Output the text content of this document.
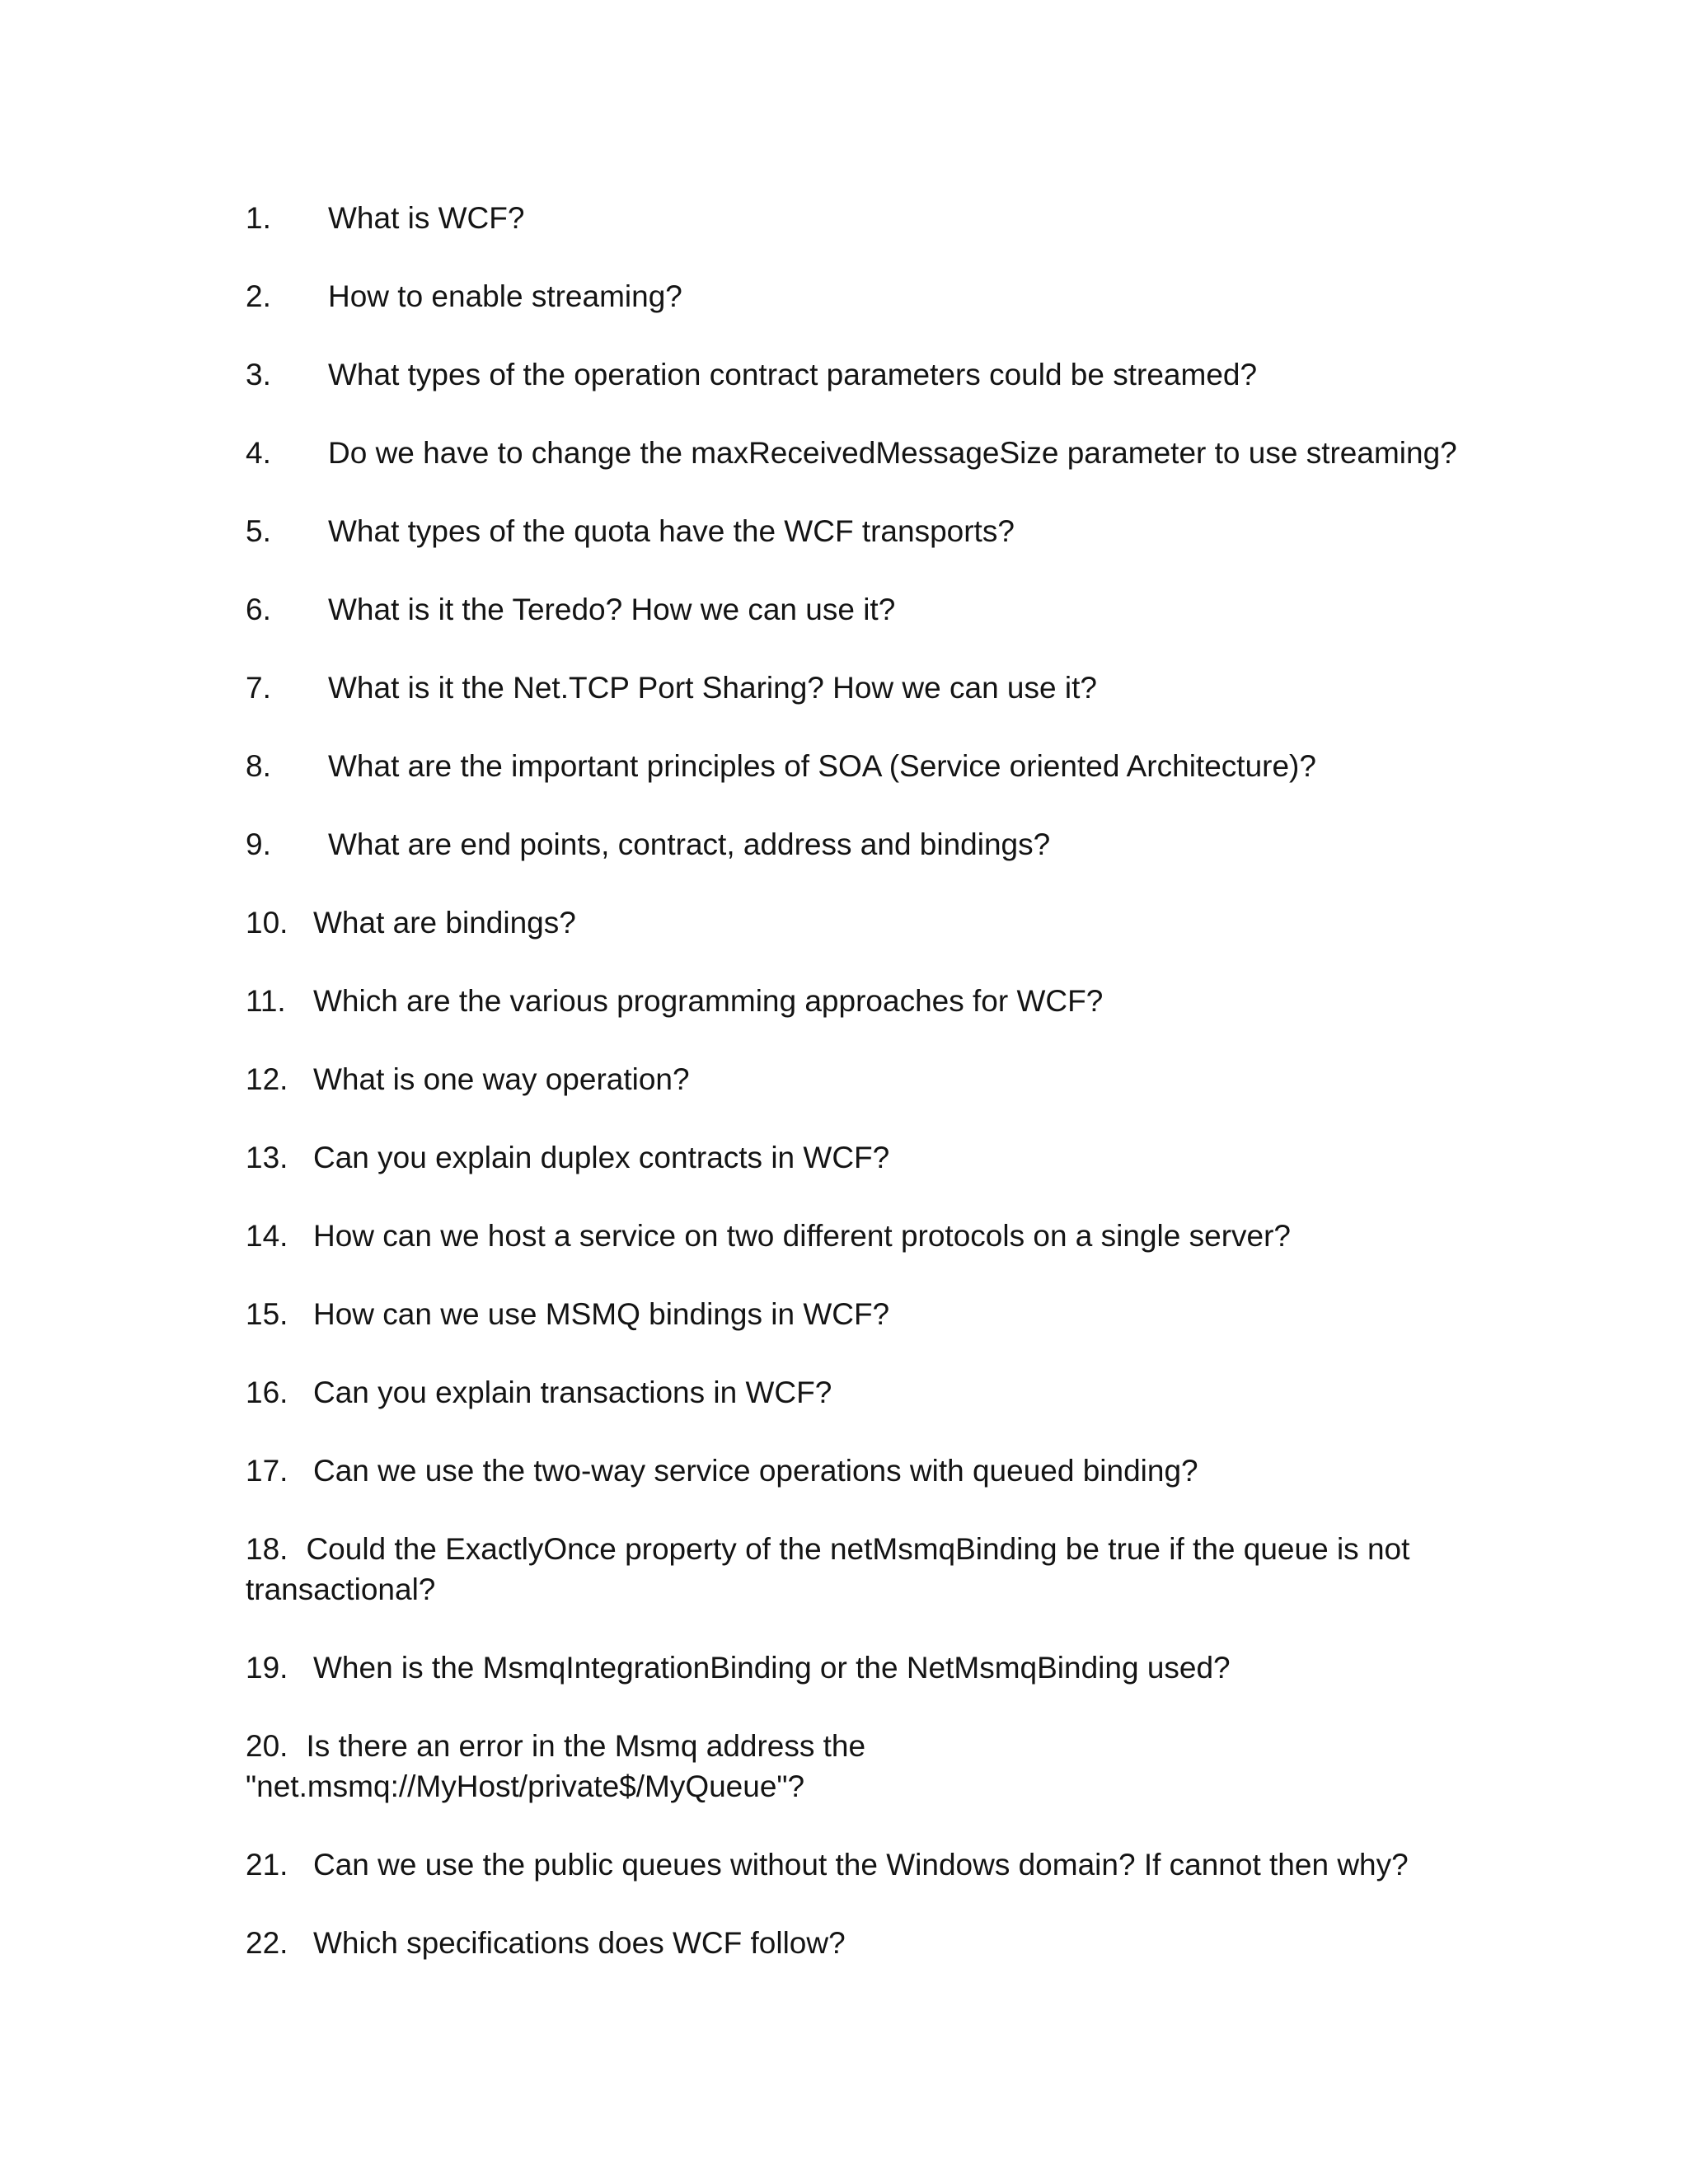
1. What is WCF?
2. How to enable streaming?
3. What types of the operation contract parameters could be streamed?
4. Do we have to change the maxReceivedMessageSize parameter to use streaming?
5. What types of the quota have the WCF transports?
6. What is it the Teredo? How we can use it?
7. What is it the Net.TCP Port Sharing? How we can use it?
8. What are the important principles of SOA (Service oriented Architecture)?
9. What are end points, contract, address and bindings?
10. What are bindings?
11. Which are the various programming approaches for WCF?
12. What is one way operation?
13. Can you explain duplex contracts in WCF?
14. How can we host a service on two different protocols on a single server?
15. How can we use MSMQ bindings in WCF?
16. Can you explain transactions in WCF?
17. Can we use the two-way service operations with queued binding?
18. Could the ExactlyOnce property of the netMsmqBinding be true if the queue is not transactional?
19. When is the MsmqIntegrationBinding or the NetMsmqBinding used?
20. Is there an error in the Msmq address the
"net.msmq://MyHost/private$/MyQueue"?
21. Can we use the public queues without the Windows domain? If cannot then why?
22. Which specifications does WCF follow?
